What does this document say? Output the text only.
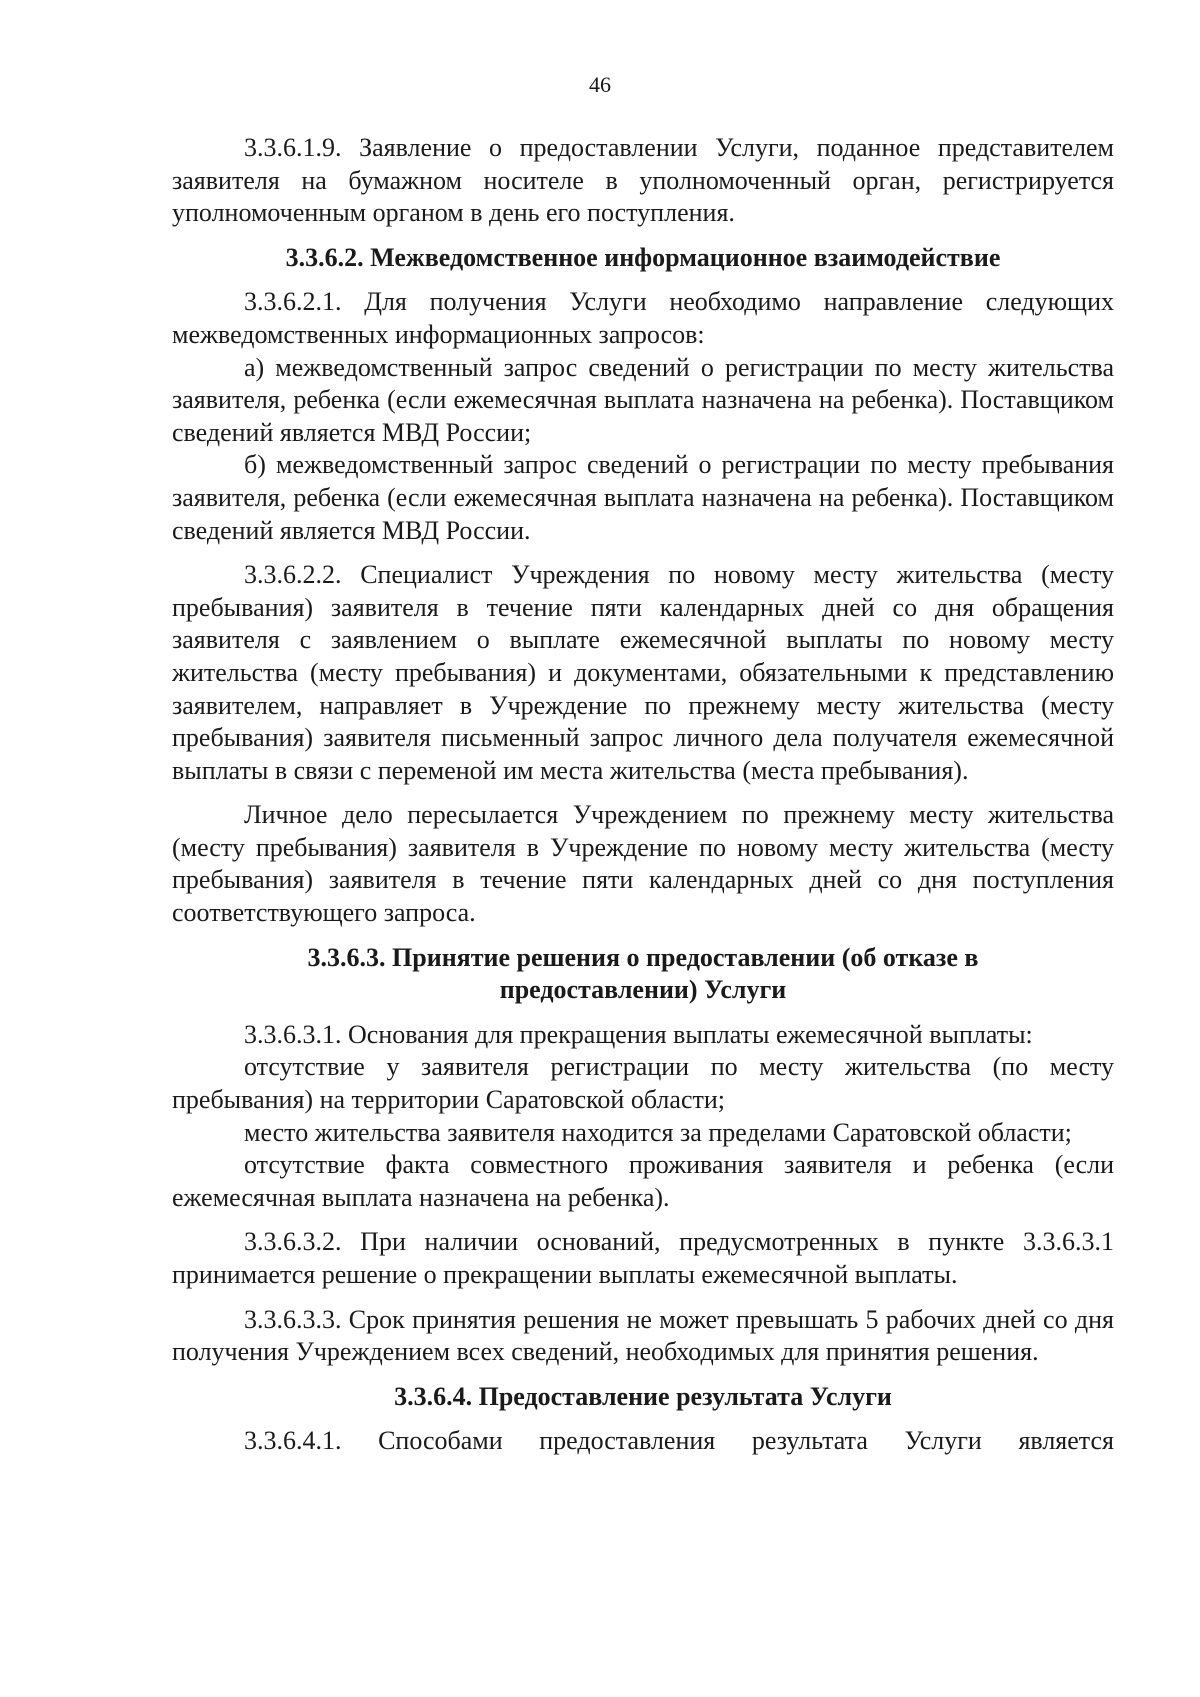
46

3.3.6.1.9. Заявление о предоставлении Услуги, поданное представителем заявителя на бумажном носителе в уполномоченный орган, регистрируется уполномоченным органом в день его поступления.

3.3.6.2. Межведомственное информационное взаимодействие

3.3.6.2.1. Для получения Услуги необходимо направление следующих межведомственных информационных запросов:

а) межведомственный запрос сведений о регистрации по месту жительства заявителя, ребенка (если ежемесячная выплата назначена на ребенка). Поставщиком сведений является МВД России;

б) межведомственный запрос сведений о регистрации по месту пребывания заявителя, ребенка (если ежемесячная выплата назначена на ребенка). Поставщиком сведений является МВД России.

3.3.6.2.2. Специалист Учреждения по новому месту жительства (месту пребывания) заявителя в течение пяти календарных дней со дня обращения заявителя с заявлением о выплате ежемесячной выплаты по новому месту жительства (месту пребывания) и документами, обязательными к представлению заявителем, направляет в Учреждение по прежнему месту жительства (месту пребывания) заявителя письменный запрос личного дела получателя ежемесячной выплаты в связи с переменой им места жительства (места пребывания).

Личное дело пересылается Учреждением по прежнему месту жительства (месту пребывания) заявителя в Учреждение по новому месту жительства (месту пребывания) заявителя в течение пяти календарных дней со дня поступления соответствующего запроса.

3.3.6.3. Принятие решения о предоставлении (об отказе в
предоставлении) Услуги

3.3.6.3.1. Основания для прекращения выплаты ежемесячной выплаты:

отсутствие у заявителя регистрации по месту жительства (по месту пребывания) на территории Саратовской области;

место жительства заявителя находится за пределами Саратовской области;

отсутствие факта совместного проживания заявителя и ребенка (если ежемесячная выплата назначена на ребенка).

3.3.6.3.2. При наличии оснований, предусмотренных в пункте 3.3.6.3.1 принимается решение о прекращении выплаты ежемесячной выплаты.

3.3.6.3.3. Срок принятия решения не может превышать 5 рабочих дней со дня получения Учреждением всех сведений, необходимых для принятия решения.

3.3.6.4. Предоставление результата Услуги

3.3.6.4.1. Способами предоставления результата Услуги является
